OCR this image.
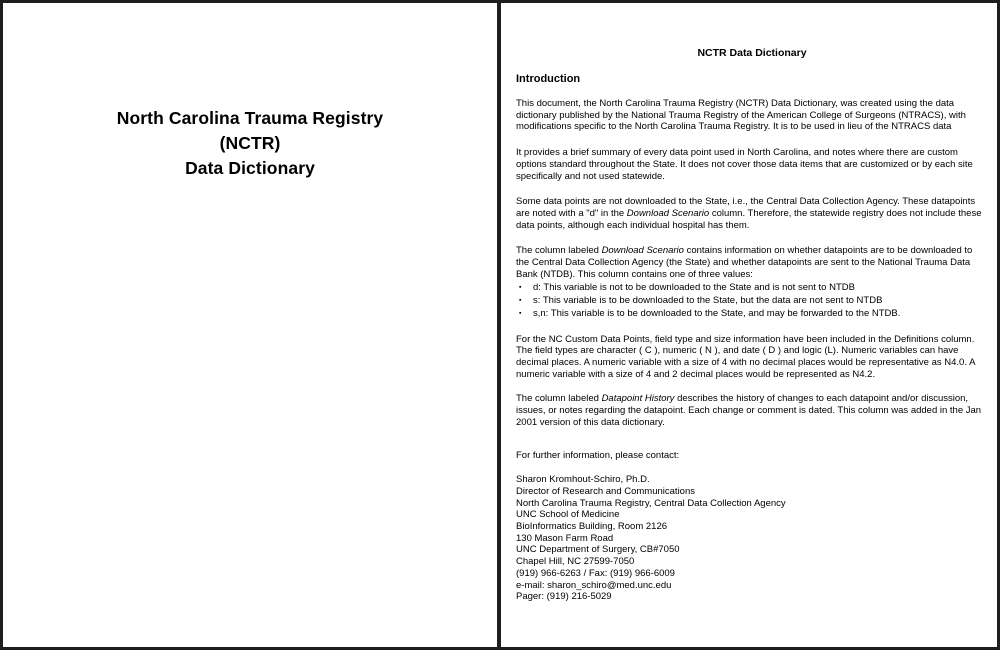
North Carolina Trauma Registry
(NCTR)
Data Dictionary
NCTR Data Dictionary
Introduction

This document, the North Carolina Trauma Registry (NCTR) Data Dictionary, was created using the data dictionary published by the National Trauma Registry of the American College of Surgeons (NTRACS), with modifications specific to the North Carolina Trauma Registry. It is to be used in lieu of the NTRACS data

It provides a brief summary of every data point used in North Carolina, and notes where there are custom options standard throughout the State. It does not cover those data items that are customized or by each site specifically and not used statewide.

Some data points are not downloaded to the State, i.e., the Central Data Collection Agency. These datapoints are noted with a "d" in the Download Scenario column. Therefore, the statewide registry does not include these data points, although each individual hospital has them.

The column labeled Download Scenario contains information on whether datapoints are to be downloaded to the Central Data Collection Agency (the State) and whether datapoints are sent to the National Trauma Data Bank (NTDB). This column contains one of three values:

▪	d: This variable is not to be downloaded to the State and is not sent to NTDB
▪	s: This variable is to be downloaded to the State, but the data are not sent to NTDB
▪	s,n: This variable is to be downloaded to the State, and may be forwarded to the NTDB.

For the NC Custom Data Points, field type and size information have been included in the Definitions column. The field types are character ( C ), numeric ( N ), and date ( D ) and logic (L). Numeric variables can have decimal places. A numeric variable with a size of 4 with no decimal places would be representative as N4.0. A numeric variable with a size of 4 and 2 decimal places would be represented as N4.2.

The column labeled Datapoint History describes the history of changes to each datapoint and/or discussion, issues, or notes regarding the datapoint. Each change or comment is dated. This column was added in the Jan 2001 version of this data dictionary.

For further information, please contact:

Sharon Kromhout-Schiro, Ph.D.
Director of Research and Communications
North Carolina Trauma Registry, Central Data Collection Agency
UNC School of Medicine
BioInformatics Building, Room 2126
130 Mason Farm Road
UNC Department of Surgery, CB#7050
Chapel Hill, NC 27599-7050
(919) 966-6263 / Fax: (919) 966-6009
e-mail: sharon_schiro@med.unc.edu
Pager: (919) 216-5029
